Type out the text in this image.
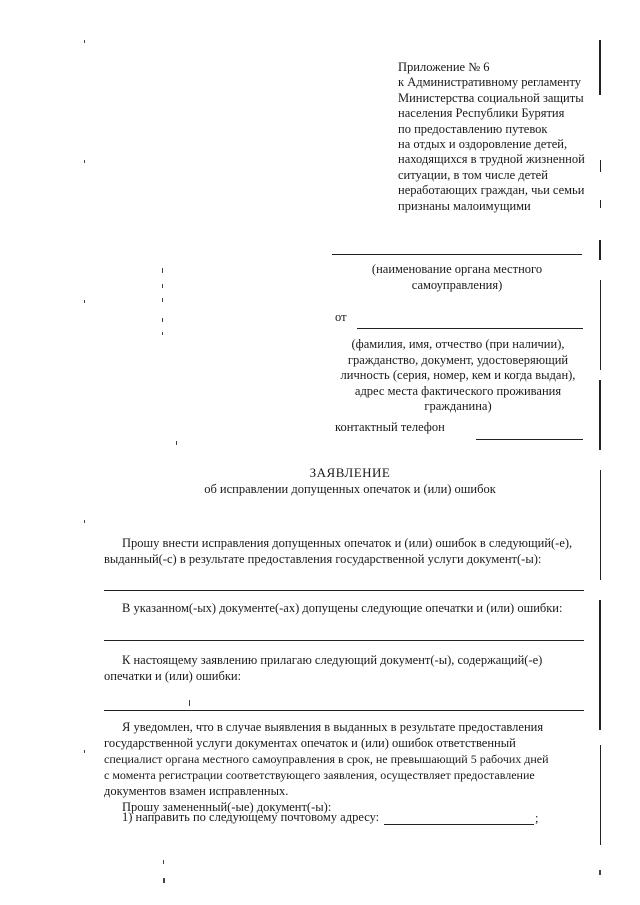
Приложение № 6
к Административному регламенту
Министерства социальной защиты
населения Республики Бурятия
по предоставлению путевок
на отдых и оздоровление детей,
находящихся в трудной жизненной
ситуации, в том числе детей
неработающих граждан, чьи семьи
признаны малоимущими
(наименование органа местного
самоуправления)
от
(фамилия, имя, отчество (при наличии),
гражданство, документ, удостоверяющий
личность (серия, номер, кем и когда выдан),
адрес места фактического проживания
гражданина)
контактный телефон
ЗАЯВЛЕНИЕ
об исправлении допущенных опечаток и (или) ошибок
Прошу внести исправления допущенных опечаток и (или) ошибок в следующий(-е),
выданный(-с) в результате предоставления государственной услуги документ(-ы):
В указанном(-ых) документе(-ах) допущены следующие опечатки и (или) ошибки:
К настоящему заявлению прилагаю следующий документ(-ы), содержащий(-е)
опечатки и (или) ошибки:
Я уведомлен, что в случае выявления в выданных в результате предоставления
государственной услуги документах опечаток и (или) ошибок ответственный
специалист органа местного самоуправления в срок, не превышающий 5 рабочих дней
с момента регистрации соответствующего заявления, осуществляет предоставление
документов взамен исправленных.
Прошу замененный(-ые) документ(-ы):
1) направить по следующему почтовому адресу:	;
